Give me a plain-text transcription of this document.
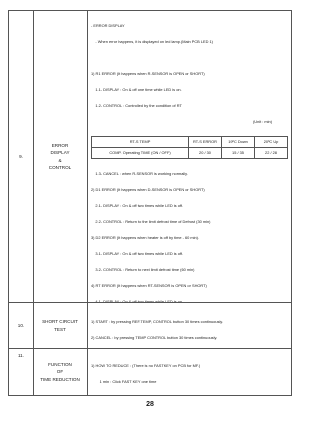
9.
ERROR
DISPLAY
&
CONTROL

- ERROR DISPLAY

- When error happens, it is displayed on led lamp.(Main PCB LED 1)

1) R1 ERROR (It happens when R-SENSOR is OPEN or SHORT)

1.1- DISPLAY : On & off one time while LED is on.

1.2- CONTROL : Controlled by the condition of RT

(Unit : min)

RT-S TEMP	RT-S ERROR	19ºC Down	20ºC Up
COMP. Operating TIME (ON / OFF)	20 / 30	15 / 35	22 / 28

1.3- CANCEL : when R-SENSOR is working normally.

2) D1 ERROR (It happens when D-SENSOR is OPEN or SHORT)

2.1- DISPLAY : On & off two times while LED is off.

2.2- CONTROL : Return to the limit defrost time of Defrost (30 min)

3) D2 ERROR (It happens when heater is off by time - 60 min).

3.1- DISPLAY : On & off two times while LED is off.

3.2- CONTROL : Return to next limit defrost time (60 min)

4) RT ERROR (It happens when RT-SENSOR is OPEN or SHORT)

4.1- DISPLAY : On & off two times while LED is on.

10.
SHORT CIRCUIT
TEST

1) START : by pressing REF.TEMP, CONTROL button 30 times continuously.

2) CANCEL : by pressing TEMP CONTROL button 30 times continuously.

11.
FUNCTION
OF
TIME REDUCTION

1) HOW TO REDUCE : (There is no FASTKEY on PCB for MF.)

1 min : Click FAST KEY one time

28
